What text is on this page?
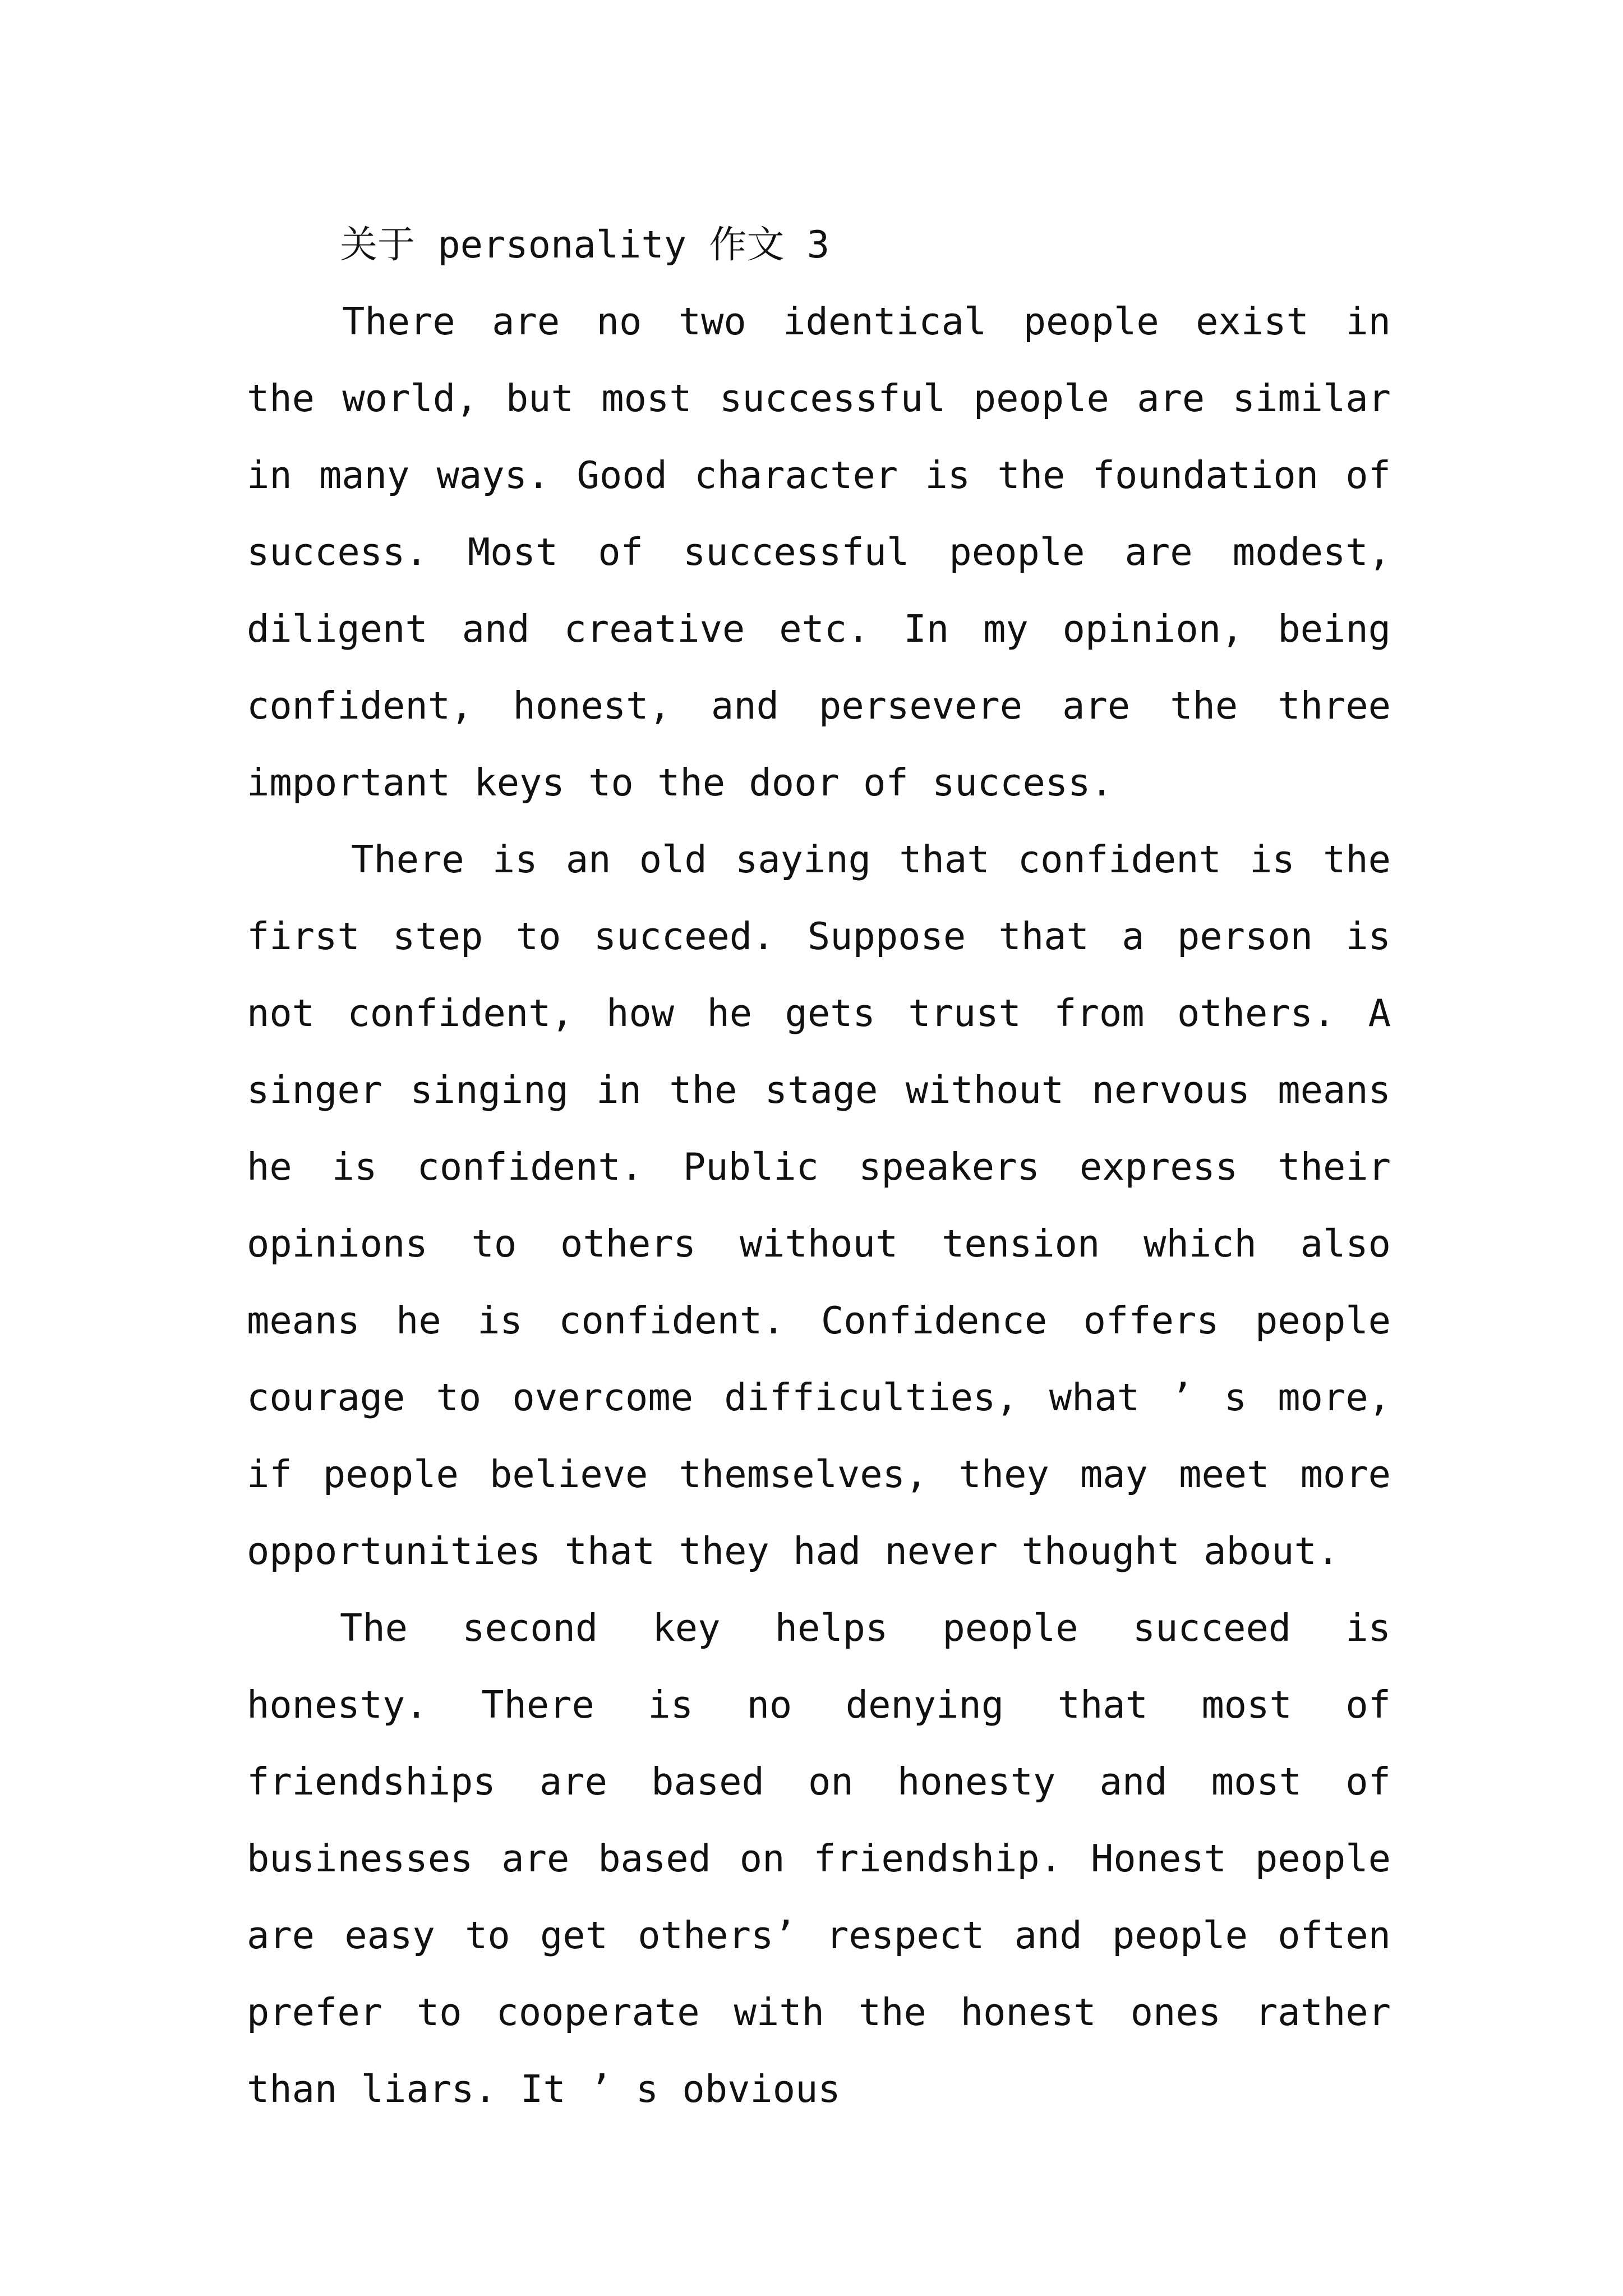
关于 personality 作文 3

There are no two identical people exist in the world, but most successful people are similar in many ways. Good character is the foundation of success. Most of successful people are modest, diligent and creative etc. In my opinion, being confident, honest, and persevere are the three important keys to the door of success.

There is an old saying that confident is the first step to succeed. Suppose that a person is not confident, how he gets trust from others. A singer singing in the stage without nervous means he is confident. Public speakers express their opinions to others without tension which also means he is confident. Confidence offers people courage to overcome difficulties, what ’ s more, if people believe themselves, they may meet more opportunities that they had never thought about.

The second key helps people succeed is honesty. There is no denying that most of friendships are based on honesty and most of businesses are based on friendship. Honest people are easy to get others’ respect and people often prefer to cooperate with the honest ones rather than liars. It ’ s obvious
